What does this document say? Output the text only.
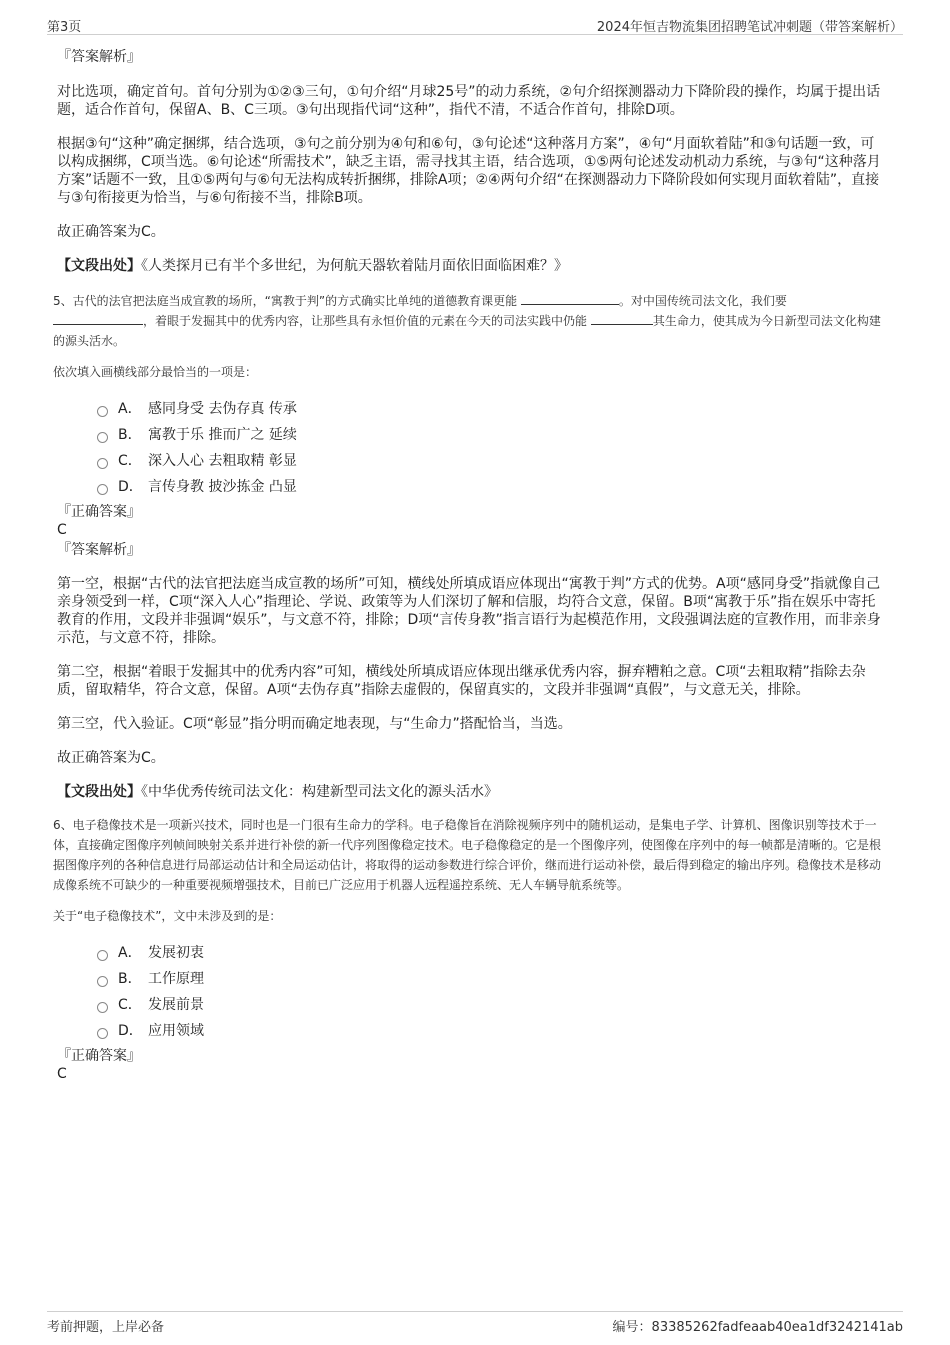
第3页	2024年恒吉物流集团招聘笔试冲刺题（带答案解析）

『答案解析』

对比选项，确定首句。首句分别为①②③三句，①句介绍“月球25号”的动力系统，②句介绍探测器动力下降阶段的操作，均属于提出话题，适合作首句，保留A、B、C三项。③句出现指代词“这种”，指代不清，不适合作首句，排除D项。

根据③句“这种”确定捆绑，结合选项，③句之前分别为④句和⑥句，③句论述“这种落月方案”，④句“月面软着陆”和③句话题一致，可以构成捆绑，C项当选。⑥句论述“所需技术”，缺乏主语，需寻找其主语，结合选项，①⑤两句论述发动机动力系统，与③句“这种落月方案”话题不一致，且①⑤两句与⑥句无法构成转折捆绑，排除A项；②④两句介绍“在探测器动力下降阶段如何实现月面软着陆”，直接与③句衔接更为恰当，与⑥句衔接不当，排除B项。

故正确答案为C。

【文段出处】《人类探月已有半个多世纪，为何航天器软着陆月面依旧面临困难？》

5、古代的法官把法庭当成宣教的场所，“寓教于判”的方式确实比单纯的道德教育课更能	。对中国传统司法文化，我们要
，着眼于发掘其中的优秀内容，让那些具有永恒价值的元素在今天的司法实践中仍能	其生命力，使其成为今日新型司法文化构建的源头活水。

依次填入画横线部分最恰当的一项是：

A． 感同身受 去伪存真 传承
B． 寓教于乐 推而广之 延续
C． 深入人心 去粗取精 彰显
D． 言传身教 披沙拣金 凸显

『正确答案』

C

『答案解析』

第一空，根据“古代的法官把法庭当成宣教的场所”可知，横线处所填成语应体现出“寓教于判”方式的优势。A项“感同身受”指就像自己亲身领受到一样，C项“深入人心”指理论、学说、政策等为人们深切了解和信服，均符合文意，保留。B项“寓教于乐”指在娱乐中寄托教育的作用，文段并非强调“娱乐”，与文意不符，排除；D项“言传身教”指言语行为起模范作用，文段强调法庭的宣教作用，而非亲身示范，与文意不符，排除。

第二空，根据“着眼于发掘其中的优秀内容”可知，横线处所填成语应体现出继承优秀内容，摒弃糟粕之意。C项“去粗取精”指除去杂质，留取精华，符合文意，保留。A项“去伪存真”指除去虚假的，保留真实的，文段并非强调“真假”，与文意无关，排除。

第三空，代入验证。C项“彰显”指分明而确定地表现，与“生命力”搭配恰当，当选。

故正确答案为C。

【文段出处】《中华优秀传统司法文化：构建新型司法文化的源头活水》

6、电子稳像技术是一项新兴技术，同时也是一门很有生命力的学科。电子稳像旨在消除视频序列中的随机运动，是集电子学、计算机、图像识别等技术于一体，直接确定图像序列帧间映射关系并进行补偿的新一代序列图像稳定技术。电子稳像稳定的是一个图像序列，使图像在序列中的每一帧都是清晰的。它是根据图像序列的各种信息进行局部运动估计和全局运动估计，将取得的运动参数进行综合评价，继而进行运动补偿，最后得到稳定的输出序列。稳像技术是移动成像系统不可缺少的一种重要视频增强技术，目前已广泛应用于机器人远程遥控系统、无人车辆导航系统等。

关于“电子稳像技术”，文中未涉及到的是：

A． 发展初衷
B． 工作原理
C． 发展前景
D． 应用领域

『正确答案』

C

考前押题，上岸必备	编号：83385262fadfeaab40ea1df3242141ab
